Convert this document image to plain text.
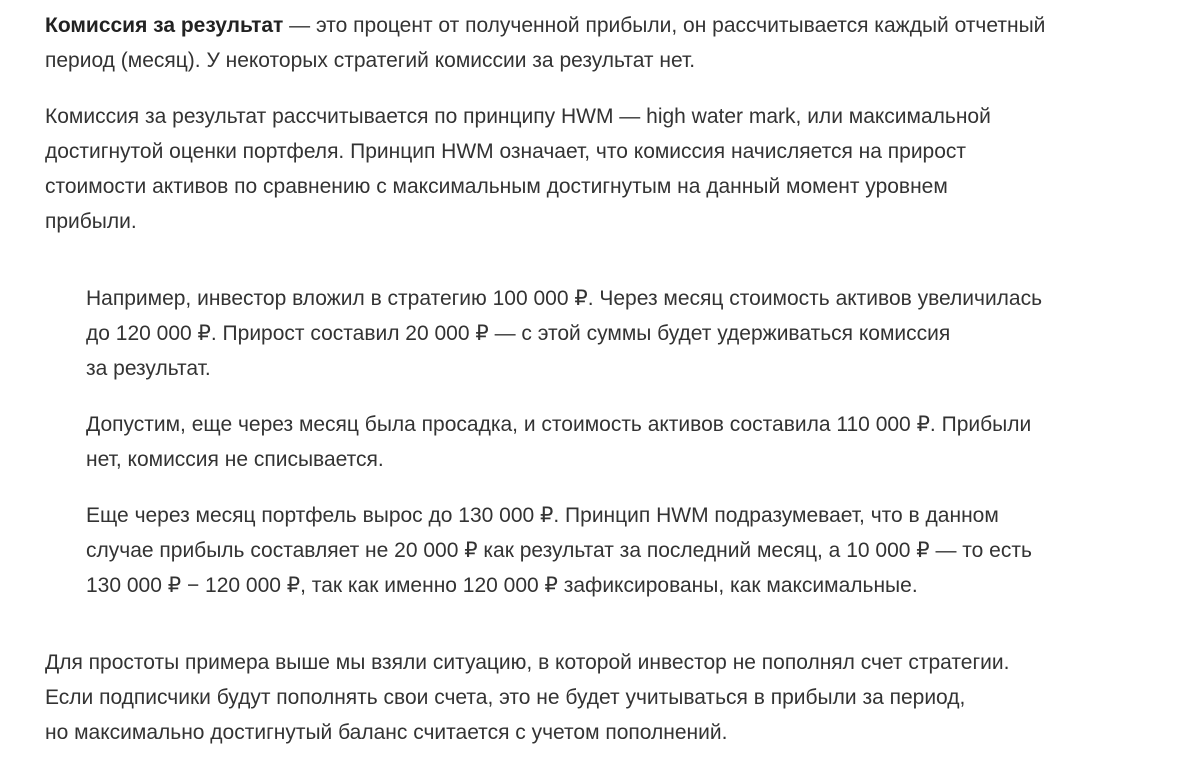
Комиссия за результат — это процент от полученной прибыли, он рассчитывается каждый отчетный
период (месяц). У некоторых стратегий комиссии за результат нет.
Комиссия за результат рассчитывается по принципу HWM — high water mark, или максимальной
достигнутой оценки портфеля. Принцип HWM означает, что комиссия начисляется на прирост
стоимости активов по сравнению с максимальным достигнутым на данный момент уровнем
прибыли.
Например, инвестор вложил в стратегию 100 000 ₽. Через месяц стоимость активов увеличилась
до 120 000 ₽. Прирост составил 20 000 ₽ — с этой суммы будет удерживаться комиссия
за результат.
Допустим, еще через месяц была просадка, и стоимость активов составила 110 000 ₽. Прибыли
нет, комиссия не списывается.
Еще через месяц портфель вырос до 130 000 ₽. Принцип HWM подразумевает, что в данном
случае прибыль составляет не 20 000 ₽ как результат за последний месяц, а 10 000 ₽ — то есть
130 000 ₽ − 120 000 ₽, так как именно 120 000 ₽ зафиксированы, как максимальные.
Для простоты примера выше мы взяли ситуацию, в которой инвестор не пополнял счет стратегии.
Если подписчики будут пополнять свои счета, это не будет учитываться в прибыли за период,
но максимально достигнутый баланс считается с учетом пополнений.
